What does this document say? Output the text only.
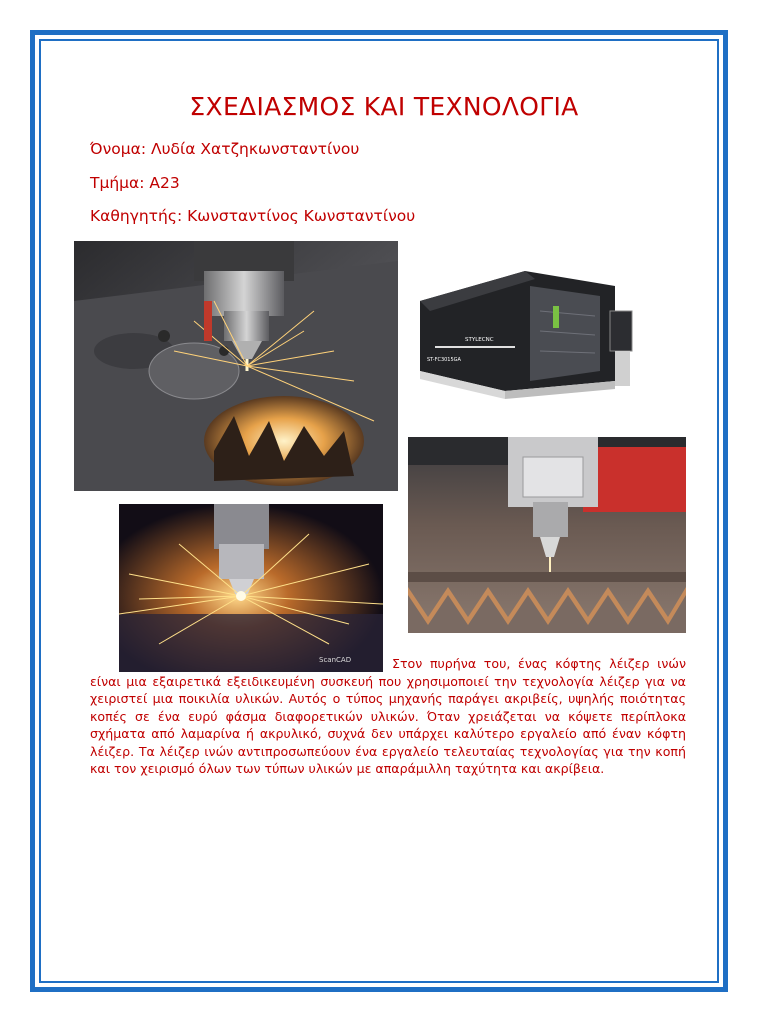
ΣΧΕΔΙΑΣΜΟΣ ΚΑΙ ΤΕΧΝΟΛΟΓΙΑ
Όνομα: Λυδία Χατζηκωνσταντίνου
Τμήμα: Α23
Καθηγητής: Κωνσταντίνος Κωνσταντίνου
STYLECNC
ST-FC3015GA
ScanCAD	Στον πυρήνα του, ένας κόφτης λέιζερ ινών είναι μια εξαιρετικά εξειδικευμένη συσκευή που χρησιμοποιεί την τεχνολογία λέιζερ για να χειριστεί μια ποικιλία υλικών. Αυτός ο τύπος μηχανής παράγει ακριβείς, υψηλής ποιότητας κοπές σε ένα ευρύ φάσμα διαφορετικών υλικών. Όταν χρειάζεται να κόψετε περίπλοκα σχήματα από λαμαρίνα ή ακρυλικό, συχνά δεν υπάρχει καλύτερο εργαλείο από έναν κόφτη λέιζερ. Τα λέιζερ ινών αντιπροσωπεύουν ένα εργαλείο τελευταίας τεχνολογίας για την κοπή και τον χειρισμό όλων των τύπων υλικών με απαράμιλλη ταχύτητα και ακρίβεια.
